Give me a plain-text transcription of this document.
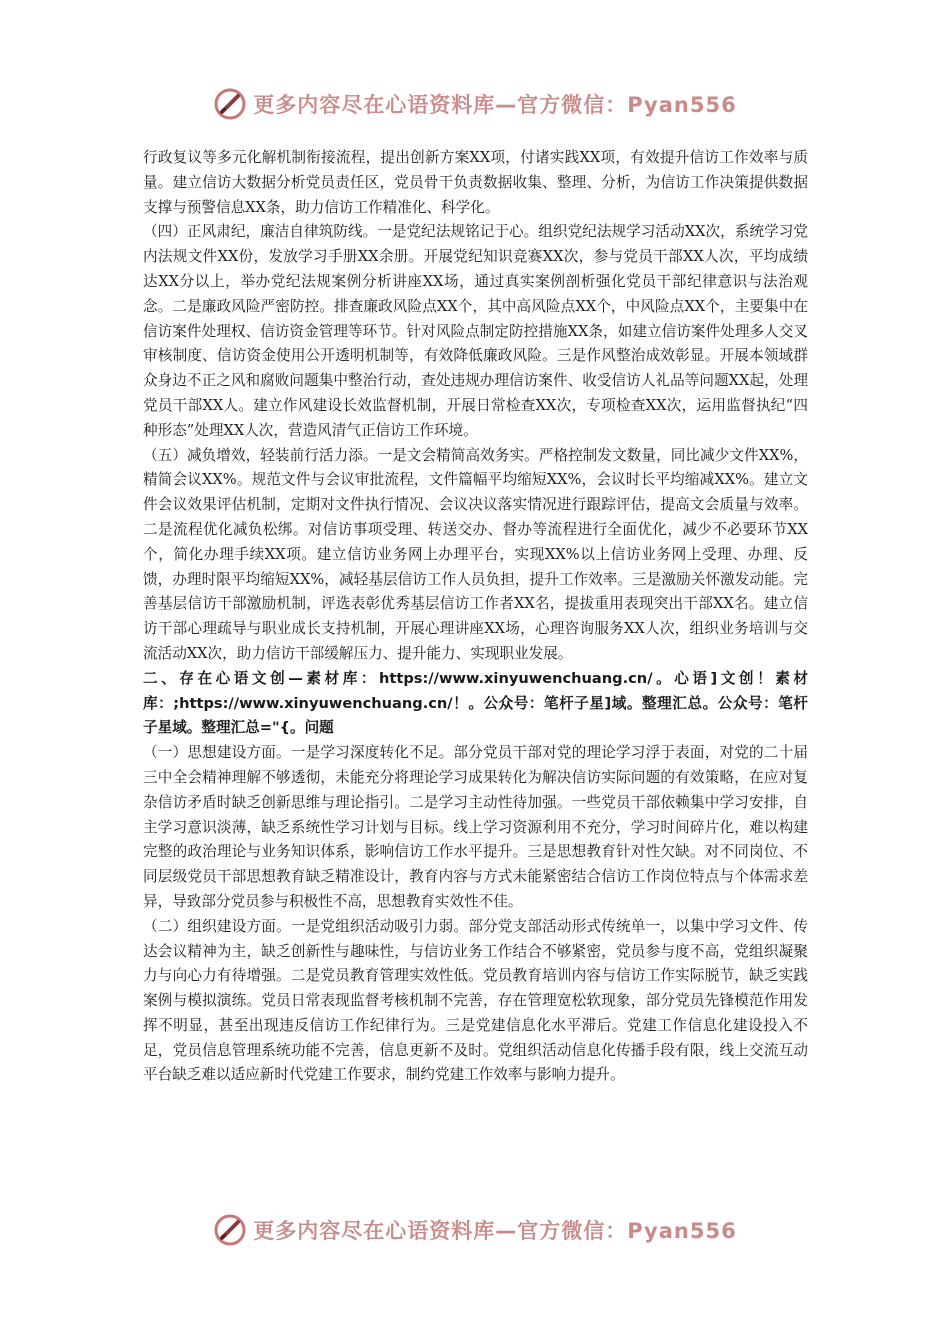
更多内容尽在心语资料库—官方微信：Pyan556

行政复议等多元化解机制衔接流程，提出创新方案XX项，付诸实践XX项，有效提升信访工作效率与质量。建立信访大数据分析党员责任区，党员骨干负责数据收集、整理、分析，为信访工作决策提供数据支撑与预警信息XX条，助力信访工作精准化、科学化。

（四）正风肃纪，廉洁自律筑防线。一是党纪法规铭记于心。组织党纪法规学习活动XX次，系统学习党内法规文件XX份，发放学习手册XX余册。开展党纪知识竞赛XX次，参与党员干部XX人次，平均成绩达XX分以上，举办党纪法规案例分析讲座XX场，通过真实案例剖析强化党员干部纪律意识与法治观念。二是廉政风险严密防控。排查廉政风险点XX个，其中高风险点XX个，中风险点XX个，主要集中在信访案件处理权、信访资金管理等环节。针对风险点制定防控措施XX条，如建立信访案件处理多人交叉审核制度、信访资金使用公开透明机制等，有效降低廉政风险。三是作风整治成效彰显。开展本领域群众身边不正之风和腐败问题集中整治行动，查处违规办理信访案件、收受信访人礼品等问题XX起，处理党员干部XX人。建立作风建设长效监督机制，开展日常检查XX次，专项检查XX次，运用监督执纪“四种形态”处理XX人次，营造风清气正信访工作环境。

（五）减负增效，轻装前行活力添。一是文会精简高效务实。严格控制发文数量，同比减少文件XX%，精简会议XX%。规范文件与会议审批流程，文件篇幅平均缩短XX%，会议时长平均缩减XX%。建立文件会议效果评估机制，定期对文件执行情况、会议决议落实情况进行跟踪评估，提高文会质量与效率。二是流程优化减负松绑。对信访事项受理、转送交办、督办等流程进行全面优化，减少不必要环节XX个，简化办理手续XX项。建立信访业务网上办理平台，实现XX%以上信访业务网上受理、办理、反馈，办理时限平均缩短XX%，减轻基层信访工作人员负担，提升工作效率。三是激励关怀激发动能。完善基层信访干部激励机制，评选表彰优秀基层信访工作者XX名，提拔重用表现突出干部XX名。建立信访干部心理疏导与职业成长支持机制，开展心理讲座XX场，心理咨询服务XX人次，组织业务培训与交流活动XX次，助力信访干部缓解压力、提升能力、实现职业发展。

二、存在心语文创—素材库：https://www.xinyuwenchuang.cn/。心语]文创！素材库：;https://www.xinyuwenchuang.cn/！。公众号：笔杆子星]域。整理汇总。公众号：笔杆子星域。整理汇总="{。问题

（一）思想建设方面。一是学习深度转化不足。部分党员干部对党的理论学习浮于表面，对党的二十届三中全会精神理解不够透彻，未能充分将理论学习成果转化为解决信访实际问题的有效策略，在应对复杂信访矛盾时缺乏创新思维与理论指引。二是学习主动性待加强。一些党员干部依赖集中学习安排，自主学习意识淡薄，缺乏系统性学习计划与目标。线上学习资源利用不充分，学习时间碎片化，难以构建完整的政治理论与业务知识体系，影响信访工作水平提升。三是思想教育针对性欠缺。对不同岗位、不同层级党员干部思想教育缺乏精准设计，教育内容与方式未能紧密结合信访工作岗位特点与个体需求差异，导致部分党员参与积极性不高，思想教育实效性不佳。

（二）组织建设方面。一是党组织活动吸引力弱。部分党支部活动形式传统单一，以集中学习文件、传达会议精神为主，缺乏创新性与趣味性，与信访业务工作结合不够紧密，党员参与度不高，党组织凝聚力与向心力有待增强。二是党员教育管理实效性低。党员教育培训内容与信访工作实际脱节，缺乏实践案例与模拟演练。党员日常表现监督考核机制不完善，存在管理宽松软现象，部分党员先锋模范作用发挥不明显，甚至出现违反信访工作纪律行为。三是党建信息化水平滞后。党建工作信息化建设投入不足，党员信息管理系统功能不完善，信息更新不及时。党组织活动信息化传播手段有限，线上交流互动平台缺乏难以适应新时代党建工作要求，制约党建工作效率与影响力提升。

更多内容尽在心语资料库—官方微信：Pyan556
